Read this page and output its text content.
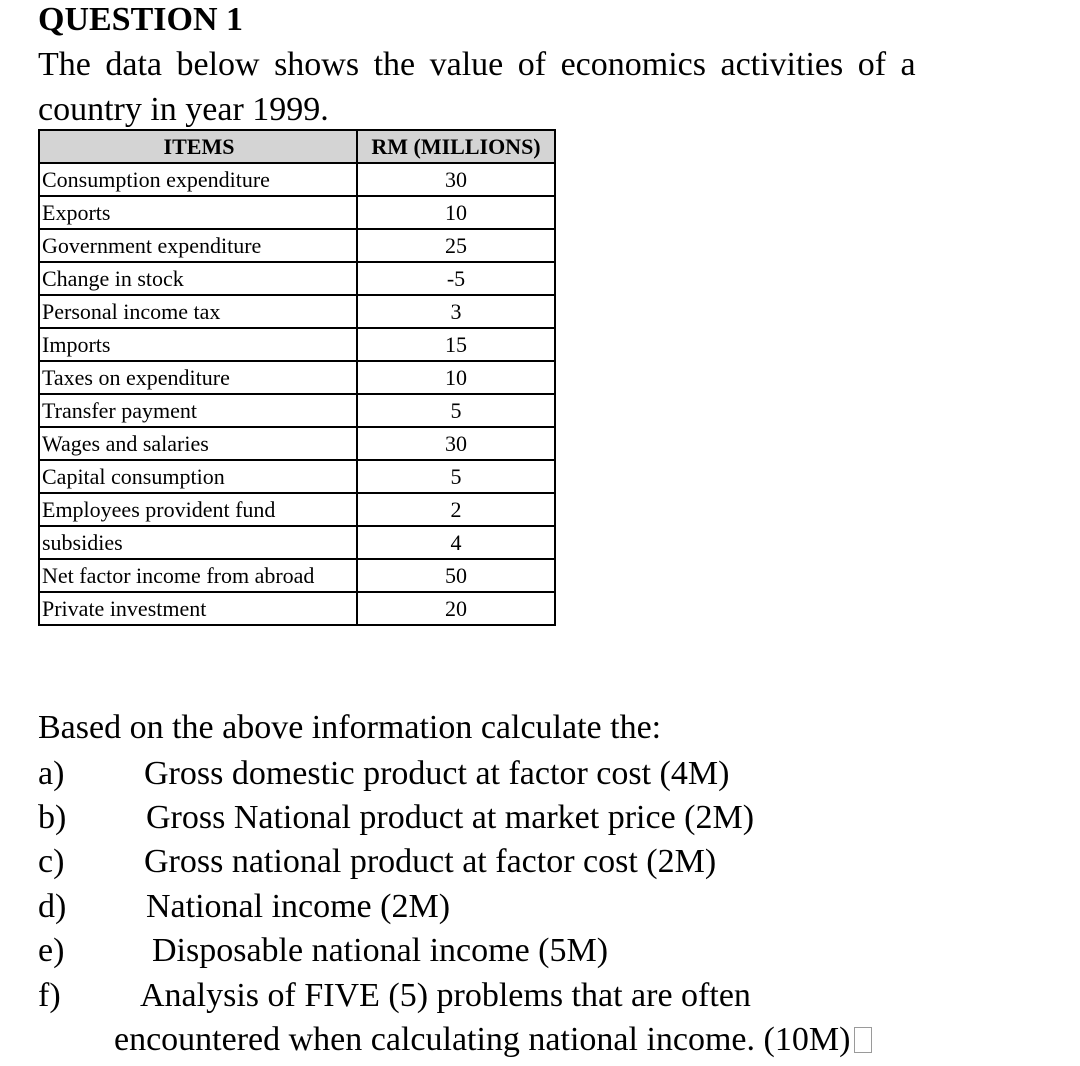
QUESTION 1
The data below shows the value of economics activities of a
country in year 1999.
ITEMS	RM (MILLIONS)
Consumption expenditure	30
Exports	10
Government expenditure	25
Change in stock	-5
Personal income tax	3
Imports	15
Taxes on expenditure	10
Transfer payment	5
Wages and salaries	30
Capital consumption	5
Employees provident fund	2
subsidies	4
Net factor income from abroad	50
Private investment	20
Based on the above information calculate the:
a) Gross domestic product at factor cost (4M)
b) Gross National product at market price (2M)
c) Gross national product at factor cost (2M)
d) National income (2M)
e)	Disposable national income (5M)
f) Analysis of FIVE (5) problems that are often
encountered when calculating national income. (10M)
